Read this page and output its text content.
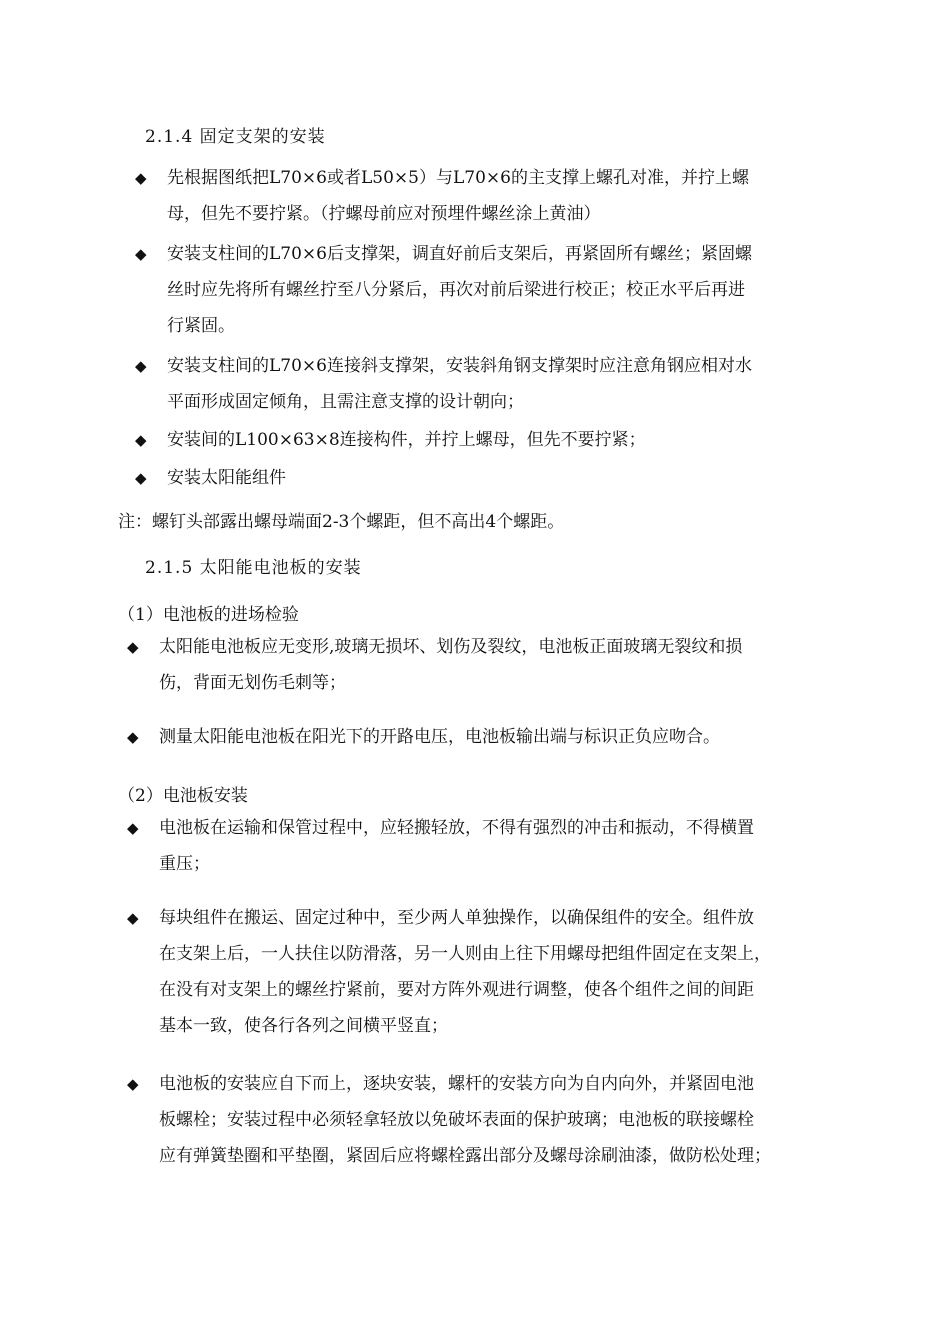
2.1.4 固定支架的安装
◆	先根据图纸把L70×6或者L50×5）与L70×6的主支撑上螺孔对准，并拧上螺
母，但先不要拧紧。（拧螺母前应对预埋件螺丝涂上黄油）
◆	安装支柱间的L70×6后支撑架，调直好前后支架后，再紧固所有螺丝；紧固螺
丝时应先将所有螺丝拧至八分紧后，再次对前后梁进行校正；校正水平后再进
行紧固。
◆	安装支柱间的L70×6连接斜支撑架，安装斜角钢支撑架时应注意角钢应相对水
平面形成固定倾角，且需注意支撑的设计朝向；
◆	安装间的L100×63×8连接构件，并拧上螺母，但先不要拧紧；
◆	安装太阳能组件
注：螺钉头部露出螺母端面2-3个螺距，但不高出4个螺距。
2.1.5 太阳能电池板的安装
（1）电池板的进场检验
◆	太阳能电池板应无变形,玻璃无损坏、划伤及裂纹，电池板正面玻璃无裂纹和损
伤，背面无划伤毛刺等；
◆	测量太阳能电池板在阳光下的开路电压，电池板输出端与标识正负应吻合。
（2）电池板安装
◆	电池板在运输和保管过程中，应轻搬轻放，不得有强烈的冲击和振动，不得横置
重压；
◆	每块组件在搬运、固定过种中，至少两人单独操作，以确保组件的安全。组件放
在支架上后，一人扶住以防滑落，另一人则由上往下用螺母把组件固定在支架上，
在没有对支架上的螺丝拧紧前，要对方阵外观进行调整，使各个组件之间的间距
基本一致，使各行各列之间横平竖直；
◆	电池板的安装应自下而上，逐块安装，螺杆的安装方向为自内向外，并紧固电池
板螺栓；安装过程中必须轻拿轻放以免破坏表面的保护玻璃；电池板的联接螺栓
应有弹簧垫圈和平垫圈，紧固后应将螺栓露出部分及螺母涂刷油漆，做防松处理；
